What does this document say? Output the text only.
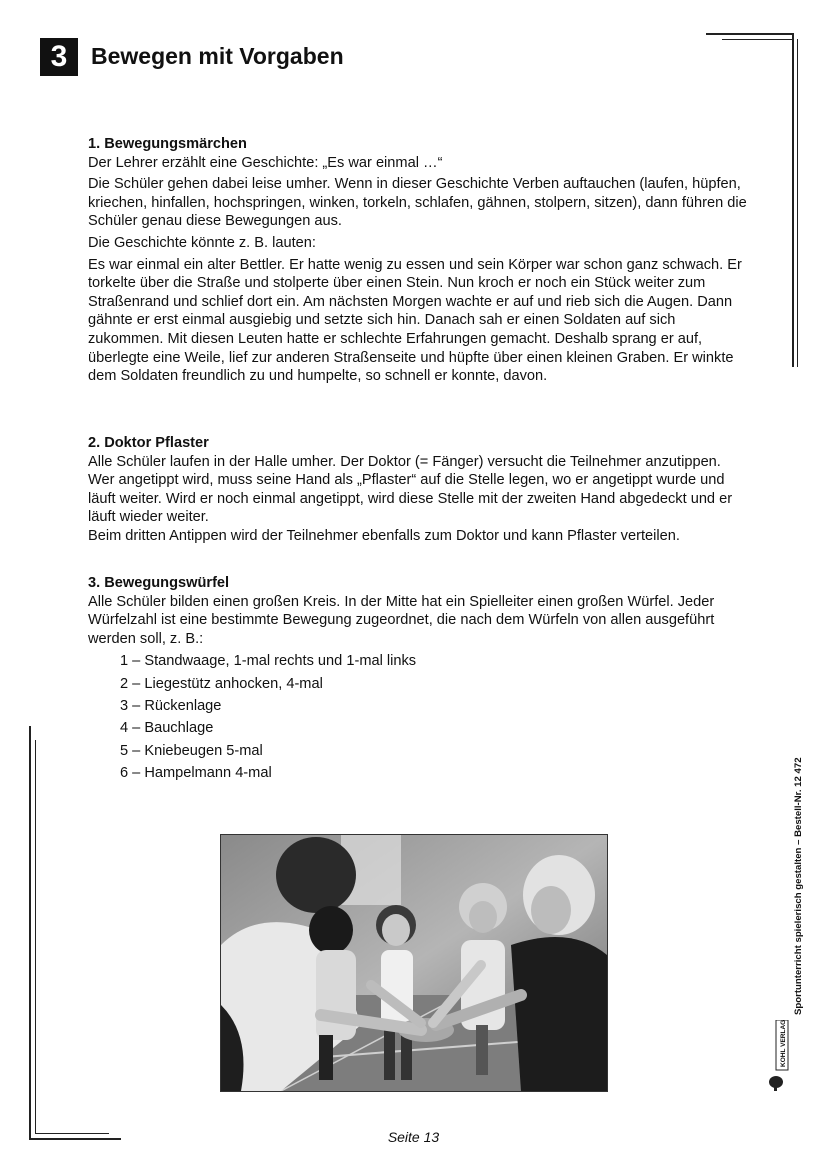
3	Bewegen mit Vorgaben
1. Bewegungsmärchen

Der Lehrer erzählt eine Geschichte: „Es war einmal …“

Die Schüler gehen dabei leise umher. Wenn in dieser Geschichte Verben auftauchen (laufen, hüpfen, kriechen, hinfallen, hochspringen, winken, torkeln, schlafen, gähnen, stolpern, sitzen), dann führen die Schüler genau diese Bewegungen aus.

Die Geschichte könnte z. B. lauten:

Es war einmal ein alter Bettler. Er hatte wenig zu essen und sein Körper war schon ganz schwach. Er torkelte über die Straße und stolperte über einen Stein. Nun kroch er noch ein Stück weiter zum Straßenrand und schlief dort ein. Am nächsten Morgen wachte er auf und rieb sich die Augen. Dann gähnte er erst einmal ausgiebig und setzte sich hin. Danach sah er einen Soldaten auf sich zukommen. Mit diesen Leuten hatte er schlechte Erfahrungen gemacht. Deshalb sprang er auf, überlegte eine Weile, lief zur anderen Straßenseite und hüpfte über einen kleinen Graben. Er winkte dem Soldaten freundlich zu und humpelte, so schnell er konnte, davon.

2. Doktor Pflaster

Alle Schüler laufen in der Halle umher. Der Doktor (= Fänger) versucht die Teilnehmer anzutippen. Wer angetippt wird, muss seine Hand als „Pflaster“ auf die Stelle legen, wo er angetippt wurde und läuft weiter. Wird er noch einmal angetippt, wird diese Stelle mit der zweiten Hand abgedeckt und er läuft wieder weiter.

Beim dritten Antippen wird der Teilnehmer ebenfalls zum Doktor und kann Pflaster verteilen.

3. Bewegungswürfel

Alle Schüler bilden einen großen Kreis. In der Mitte hat ein Spielleiter einen großen Würfel. Jeder Würfelzahl ist eine bestimmte Bewegung zugeordnet, die nach dem Würfeln von allen ausgeführt werden soll, z. B.:

1 – Standwaage, 1-mal rechts und 1-mal links
2 – Liegestütz anhocken, 4-mal
3 – Rückenlage
4 – Bauchlage
5 – Kniebeugen 5-mal
6 – Hampelmann 4-mal
KOHL VERLAG
Sportunterricht spielerisch gestalten – Bestell-Nr. 12 472
Seite 13
